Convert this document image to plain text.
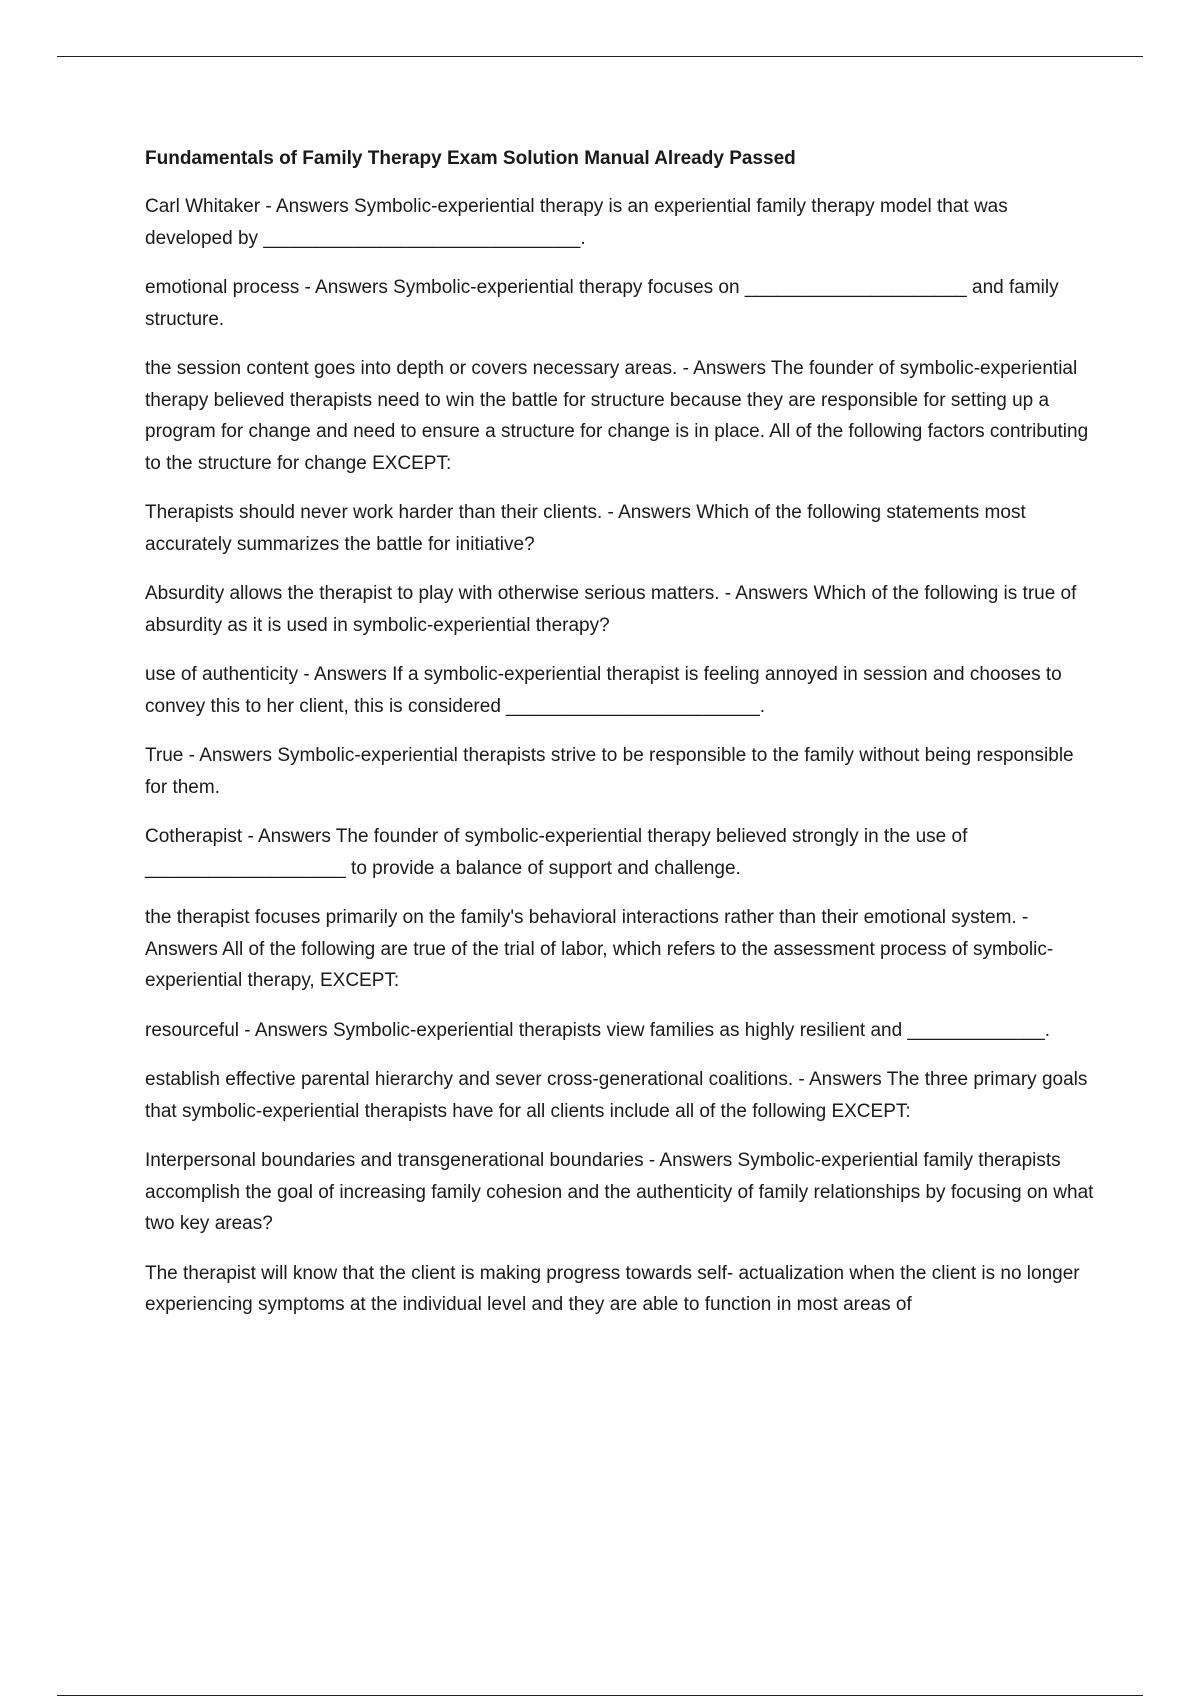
Fundamentals of Family Therapy Exam Solution Manual Already Passed

Carl Whitaker - Answers Symbolic-experiential therapy is an experiential family therapy model that was developed by ______________________________.

emotional process - Answers Symbolic-experiential therapy focuses on _____________________ and family structure.

the session content goes into depth or covers necessary areas. - Answers The founder of symbolic-experiential therapy believed therapists need to win the battle for structure because they are responsible for setting up a program for change and need to ensure a structure for change is in place. All of the following factors contributing to the structure for change EXCEPT:

Therapists should never work harder than their clients. - Answers Which of the following statements most accurately summarizes the battle for initiative?

Absurdity allows the therapist to play with otherwise serious matters. - Answers Which of the following is true of absurdity as it is used in symbolic-experiential therapy?

use of authenticity - Answers If a symbolic-experiential therapist is feeling annoyed in session and chooses to convey this to her client, this is considered ________________________.

True - Answers Symbolic-experiential therapists strive to be responsible to the family without being responsible for them.

Cotherapist - Answers The founder of symbolic-experiential therapy believed strongly in the use of ___________________ to provide a balance of support and challenge.

the therapist focuses primarily on the family's behavioral interactions rather than their emotional system. - Answers All of the following are true of the trial of labor, which refers to the assessment process of symbolic-experiential therapy, EXCEPT:

resourceful - Answers Symbolic-experiential therapists view families as highly resilient and _____________.

establish effective parental hierarchy and sever cross-generational coalitions. - Answers The three primary goals that symbolic-experiential therapists have for all clients include all of the following EXCEPT:

Interpersonal boundaries and transgenerational boundaries - Answers Symbolic-experiential family therapists accomplish the goal of increasing family cohesion and the authenticity of family relationships by focusing on what two key areas?

The therapist will know that the client is making progress towards self- actualization when the client is no longer experiencing symptoms at the individual level and they are able to function in most areas of
